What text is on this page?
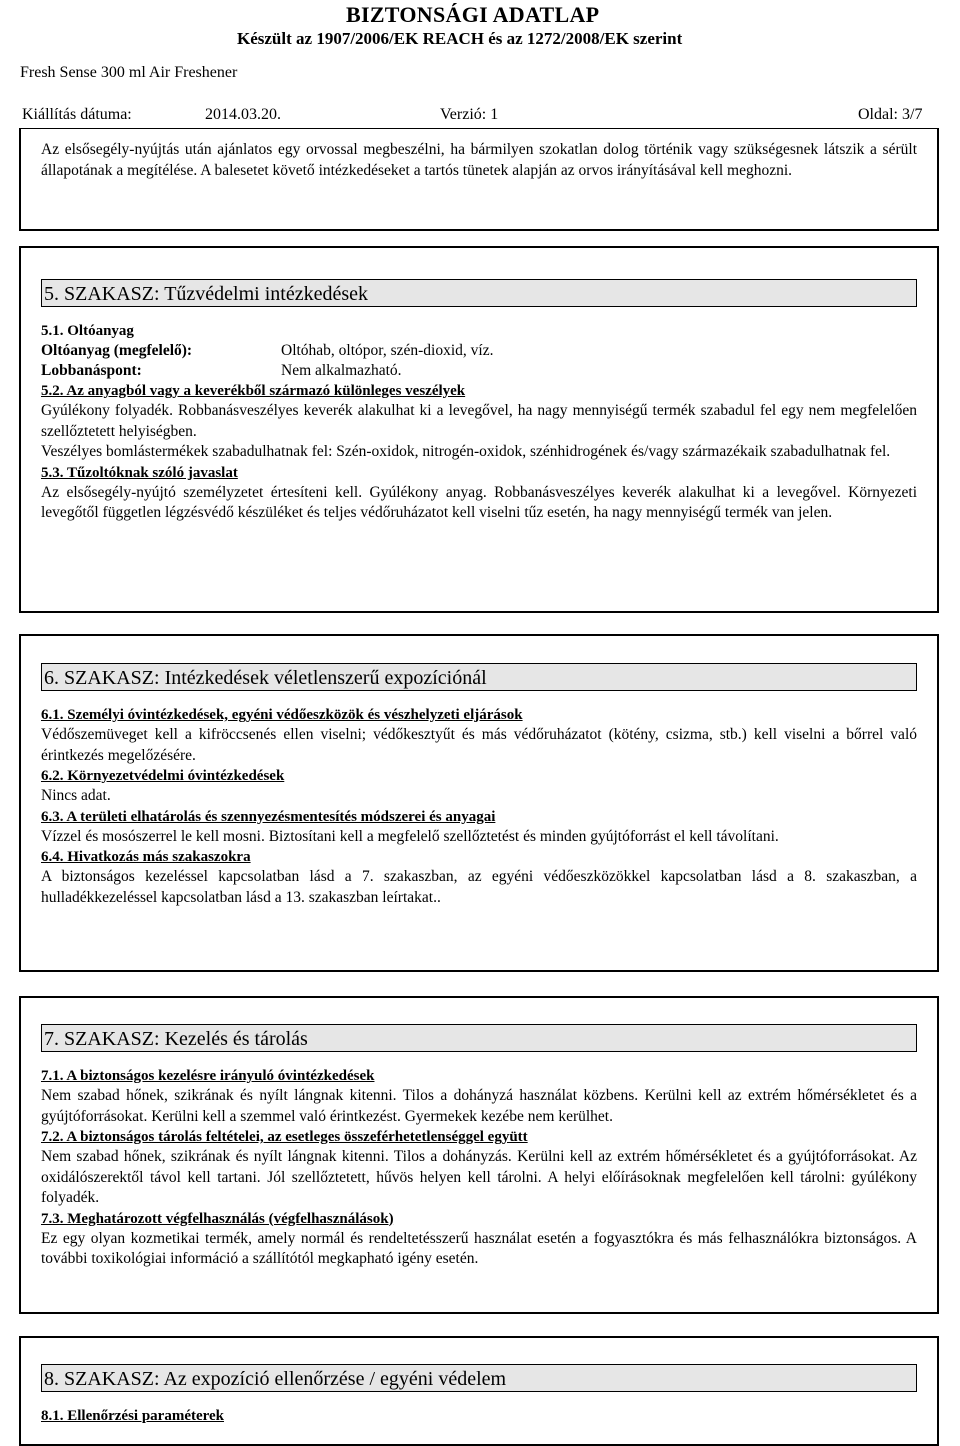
BIZTONSÁGI ADATLAP
Készült az 1907/2006/EK REACH és az 1272/2008/EK szerint
Fresh Sense 300 ml Air Freshener
Kiállítás dátuma:	2014.03.20.	Verzió: 1	Oldal: 3/7
Az elsősegély-nyújtás után ajánlatos egy orvossal megbeszélni, ha bármilyen szokatlan dolog történik vagy szükségesnek látszik a sérült állapotának a megítélése. A balesetet követő intézkedéseket a tartós tünetek alapján az orvos irányításával kell meghozni.
5. SZAKASZ: Tűzvédelmi intézkedések
5.1. Oltóanyag
Oltóanyag (megfelelő):	Oltóhab, oltópor, szén-dioxid, víz.
Lobbanáspont:	Nem alkalmazható.
5.2. Az anyagból vagy a keverékből származó különleges veszélyek
Gyúlékony folyadék. Robbanásveszélyes keverék alakulhat ki a levegővel, ha nagy mennyiségű termék szabadul fel egy nem megfelelően szellőztetett helyiségben.
Veszélyes bomlástermékek szabadulhatnak fel: Szén-oxidok, nitrogén-oxidok, szénhidrogének és/vagy származékaik szabadulhatnak fel.
5.3. Tűzoltóknak szóló javaslat
Az elsősegély-nyújtó személyzetet értesíteni kell. Gyúlékony anyag. Robbanásveszélyes keverék alakulhat ki a levegővel. Környezeti levegőtől független légzésvédő készüléket és teljes védőruházatot kell viselni tűz esetén, ha nagy mennyiségű termék van jelen.
6. SZAKASZ: Intézkedések véletlenszerű expozíciónál
6.1. Személyi óvintézkedések, egyéni védőeszközök és vészhelyzeti eljárások
Védőszemüveget kell a kifröccsenés ellen viselni; védőkesztyűt és más védőruházatot (kötény, csizma, stb.) kell viselni a bőrrel való érintkezés megelőzésére.
6.2. Környezetvédelmi óvintézkedések
Nincs adat.
6.3. A területi elhatárolás és szennyezésmentesítés módszerei és anyagai
Vízzel és mosószerrel le kell mosni. Biztosítani kell a megfelelő szellőztetést és minden gyújtóforrást el kell távolítani.
6.4. Hivatkozás más szakaszokra
A biztonságos kezeléssel kapcsolatban lásd a 7. szakaszban, az egyéni védőeszközökkel kapcsolatban lásd a 8. szakaszban, a hulladékkezeléssel kapcsolatban lásd a 13. szakaszban leírtakat..
7. SZAKASZ: Kezelés és tárolás
7.1. A biztonságos kezelésre irányuló óvintézkedések
Nem szabad hőnek, szikrának és nyílt lángnak kitenni. Tilos a dohányzá használat közbens. Kerülni kell az extrém hőmérsékletet és a gyújtóforrásokat. Kerülni kell a szemmel való érintkezést. Gyermekek kezébe nem kerülhet.
7.2. A biztonságos tárolás feltételei, az esetleges összeférhetetlenséggel együtt
Nem szabad hőnek, szikrának és nyílt lángnak kitenni. Tilos a dohányzás. Kerülni kell az extrém hőmérsékletet és a gyújtóforrásokat. Az oxidálószerektől távol kell tartani. Jól szellőztetett, hűvös helyen kell tárolni. A helyi előírásoknak megfelelően kell tárolni: gyúlékony folyadék.
7.3. Meghatározott végfelhasználás (végfelhasználások)
Ez egy olyan kozmetikai termék, amely normál és rendeltetésszerű használat esetén a fogyasztókra és más felhasználókra biztonságos. A további toxikológiai információ a szállítótól megkapható igény esetén.
8. SZAKASZ: Az expozíció ellenőrzése / egyéni védelem
8.1. Ellenőrzési paraméterek
